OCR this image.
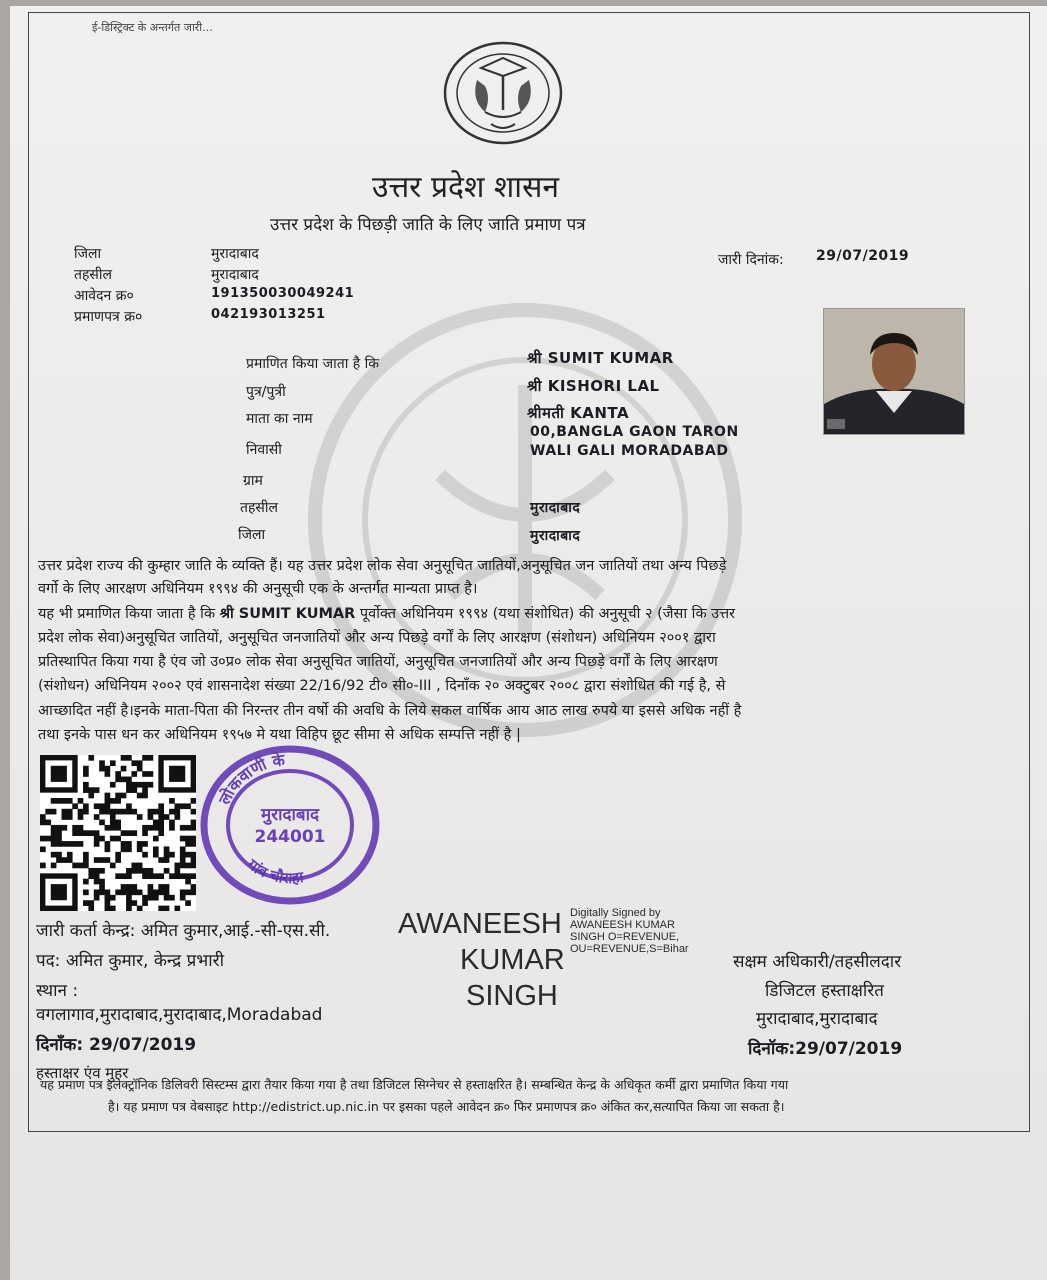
ई-डिस्ट्रिक्ट के अन्तर्गत जारी...
उत्तर प्रदेश शासन
उत्तर प्रदेश के पिछड़ी जाति के लिए जाति प्रमाण पत्र
जिला	मुरादाबाद
तहसील	मुरादाबाद
आवेदन क्र०	191350030049241
प्रमाणपत्र क्र०	042193013251
जारी दिनांक: 29/07/2019
प्रमाणित किया जाता है कि	श्री SUMIT KUMAR
पुत्र/पुत्री	श्री KISHORI LAL
माता का नाम	श्रीमती KANTA
निवासी
00,BANGLA GAON TARON
WALI GALI MORADABAD
ग्राम
तहसील	मुरादाबाद
जिला	मुरादाबाद
उत्तर प्रदेश राज्य की कुम्हार जाति के व्यक्ति हैं। यह उत्तर प्रदेश लोक सेवा अनुसूचित जातियों,अनुसूचित जन जातियों तथा अन्य पिछड़े
वर्गो के लिए आरक्षण अधिनियम १९९४ की अनुसूची एक के अन्तर्गत मान्यता प्राप्त है।
यह भी प्रमाणित किया जाता है कि श्री SUMIT KUMAR पूर्वोक्त अधिनियम १९९४ (यथा संशोधित) की अनुसूची २ (जैसा कि उत्तर
प्रदेश लोक सेवा)अनुसूचित जातियों, अनुसूचित जनजातियों और अन्य पिछड़े वर्गों के लिए आरक्षण (संशोधन) अधिनियम २००१ द्वारा
प्रतिस्थापित किया गया है एंव जो उ०प्र० लोक सेवा अनुसूचित जातियों, अनुसूचित जनजातियों और अन्य पिछड़े वर्गों के लिए आरक्षण
(संशोधन) अधिनियम २००२ एवं शासनादेश संख्या 22/16/92 टी० सी०-III , दिनाँक २० अक्टुबर २००८ द्वारा संशोधित की गई है, से
आच्छादित नहीं है।इनके माता-पिता की निरन्तर तीन वर्षो की अवधि के लिये सकल वार्षिक आय आठ लाख रुपये या इससे अधिक नहीं है
तथा इनके पास धन कर अधिनियम १९५७ मे यथा विहिप छूट सीमा से अधिक सम्पत्ति नहीं है |
लोकवाणी के
मुरादाबाद
244001
गांव चौराहा
जारी कर्ता केन्द्र: अमित कुमार,आई.-सी-एस.सी.
पद: अमित कुमार, केन्द्र प्रभारी
स्थान :
वगलागाव,मुरादाबाद,मुरादाबाद,Moradabad
दिनाँक: 29/07/2019
हस्ताक्षर एंव मुहर
AWANEESH
KUMAR
SINGH
Digitally Signed by
AWANEESH KUMAR
SINGH O=REVENUE,
OU=REVENUE,S=Bihar
सक्षम अधिकारी/तहसीलदार
डिजिटल हस्ताक्षरित
मुरादाबाद,मुरादाबाद
दिनॉक:29/07/2019
यह प्रमाण पत्र इलेक्ट्रॉनिक डिलिवरी सिस्टम्स द्वारा तैयार किया गया है तथा डिजिटल सिग्नेचर से हस्ताक्षरित है। सम्बन्धित केन्द्र के अधिकृत कर्मी द्वारा प्रमाणित किया गया
है। यह प्रमाण पत्र वेबसाइट http://edistrict.up.nic.in पर इसका पहले आवेदन क्र० फिर प्रमाणपत्र क्र० अंकित कर,सत्यापित किया जा सकता है।
